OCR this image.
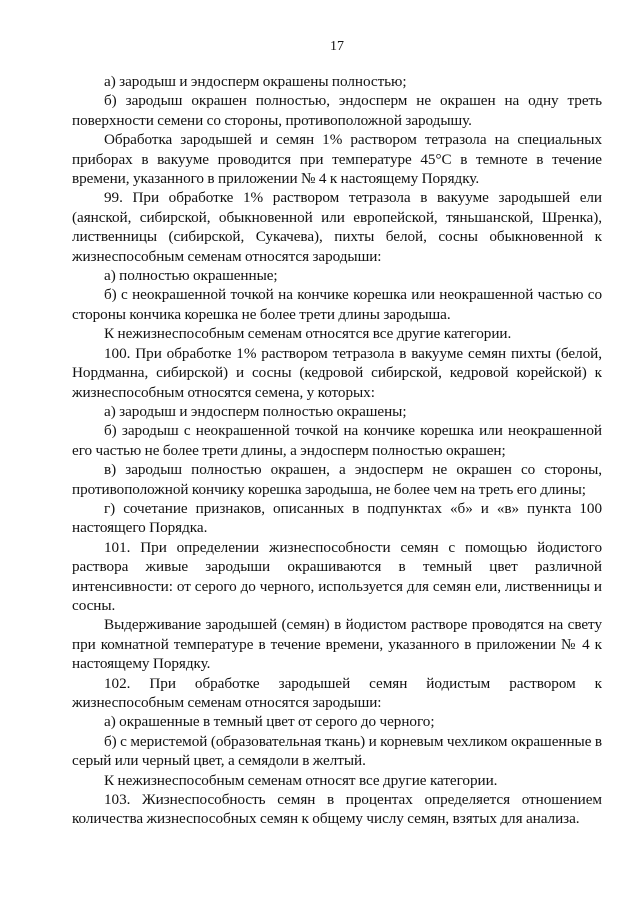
17

а) зародыш и эндосперм окрашены полностью;

б) зародыш окрашен полностью, эндосперм не окрашен на одну треть поверхности семени со стороны, противоположной зародышу.

Обработка зародышей и семян 1% раствором тетразола на специальных приборах в вакууме проводится при температуре 45°С в темноте в течение времени, указанного в приложении № 4 к настоящему Порядку.

99. При обработке 1% раствором тетразола в вакууме зародышей ели (аянской, сибирской, обыкновенной или европейской, тяньшанской, Шренка), лиственницы (сибирской, Сукачева), пихты белой, сосны обыкновенной к жизнеспособным семенам относятся зародыши:

а) полностью окрашенные;

б) с неокрашенной точкой на кончике корешка или неокрашенной частью со стороны кончика корешка не более трети длины зародыша.

К нежизнеспособным семенам относятся все другие категории.

100. При обработке 1% раствором тетразола в вакууме семян пихты (белой, Нордманна, сибирской) и сосны (кедровой сибирской, кедровой корейской) к жизнеспособным относятся семена, у которых:

а) зародыш и эндосперм полностью окрашены;

б) зародыш с неокрашенной точкой на кончике корешка или неокрашенной его частью не более трети длины, а эндосперм полностью окрашен;

в) зародыш полностью окрашен, а эндосперм не окрашен со стороны, противоположной кончику корешка зародыша, не более чем на треть его длины;

г) сочетание признаков, описанных в подпунктах «б» и «в» пункта 100 настоящего Порядка.

101. При определении жизнеспособности семян с помощью йодистого раствора живые зародыши окрашиваются в темный цвет различной интенсивности: от серого до черного, используется для семян ели, лиственницы и сосны.

Выдерживание зародышей (семян) в йодистом растворе проводятся на свету при комнатной температуре в течение времени, указанного в приложении № 4 к настоящему Порядку.

102. При обработке зародышей семян йодистым раствором к жизнеспособным семенам относятся зародыши:

а) окрашенные в темный цвет от серого до черного;

б) с меристемой (образовательная ткань) и корневым чехликом окрашенные в серый или черный цвет, а семядоли в желтый.

К нежизнеспособным семенам относят все другие категории.

103. Жизнеспособность семян в процентах определяется отношением количества жизнеспособных семян к общему числу семян, взятых для анализа.
